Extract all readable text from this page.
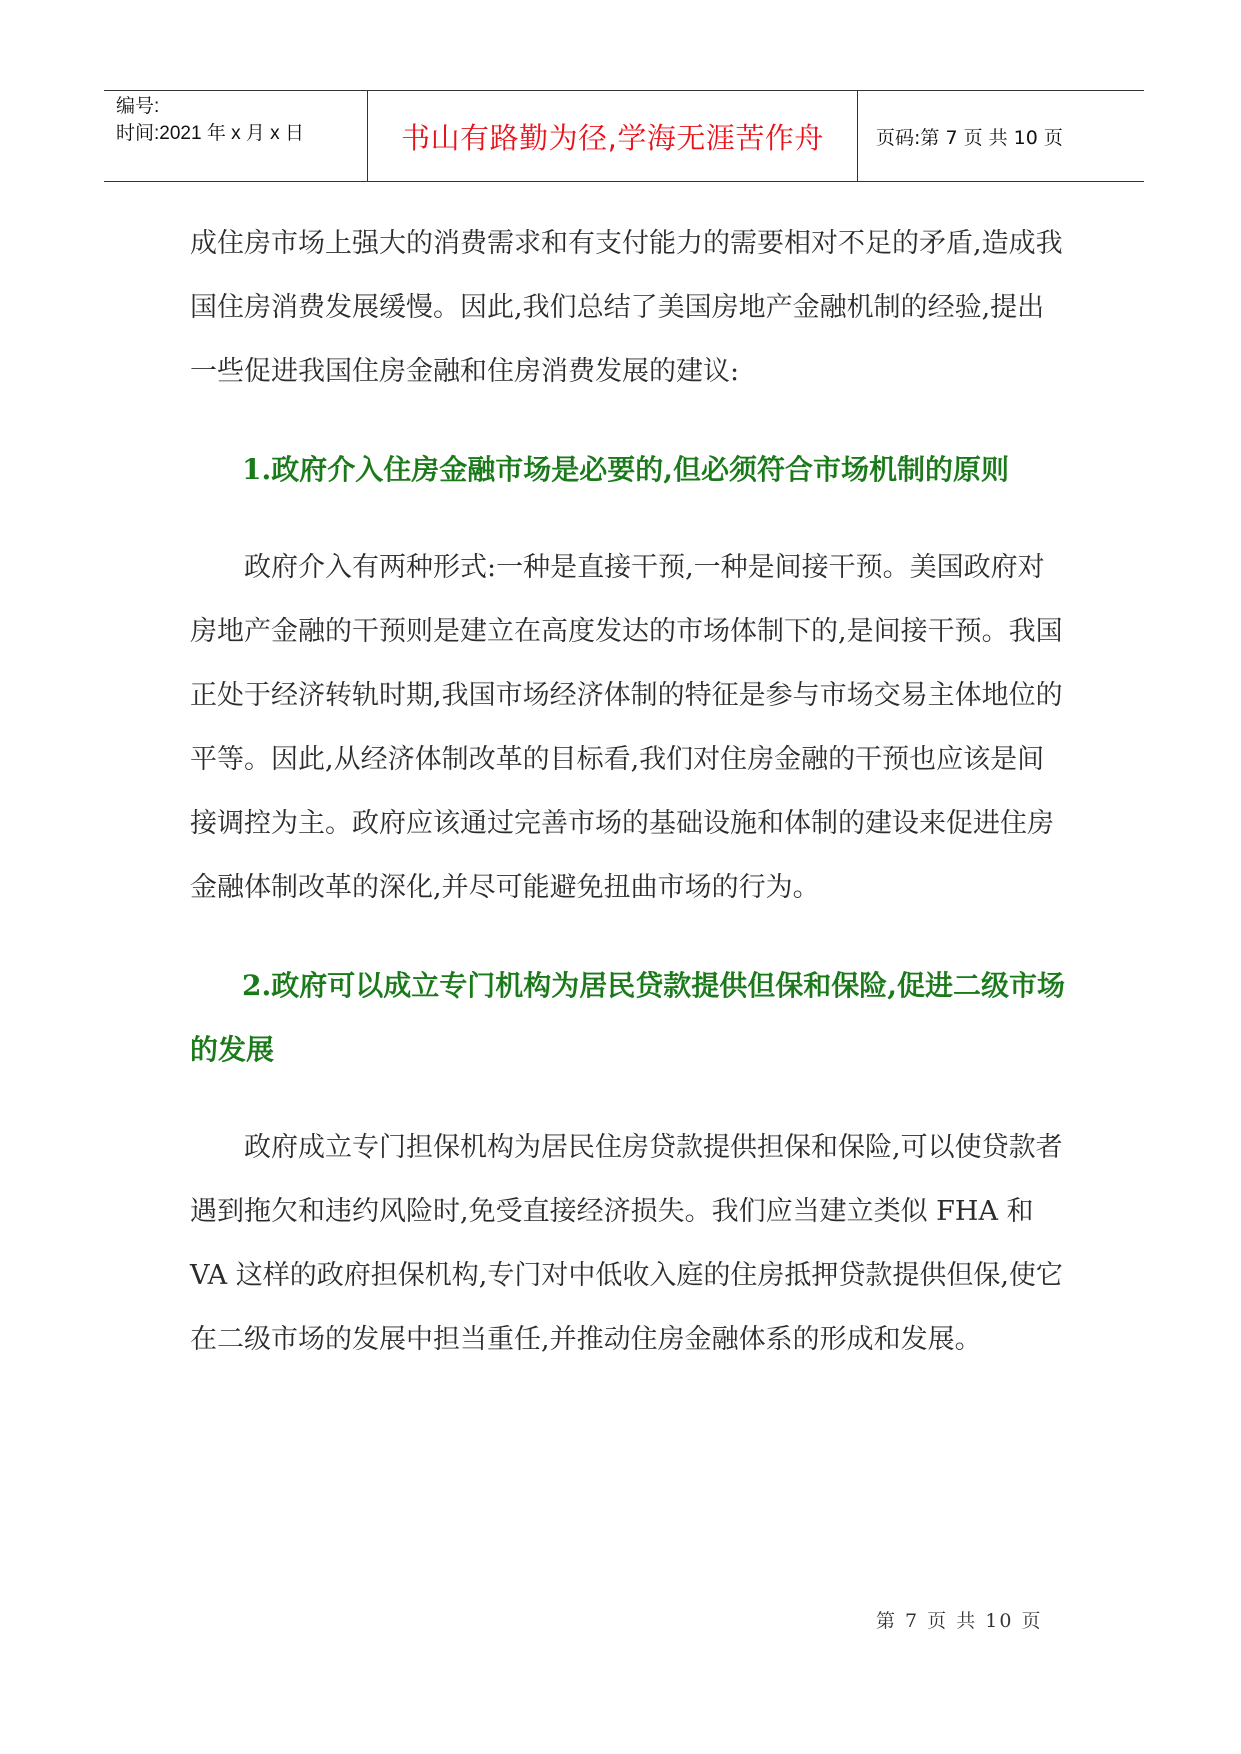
编号:
时间:2021 年 x 月 x 日	书山有路勤为径,学海无涯苦作舟	页码:第 7 页 共 10 页

成住房市场上强大的消费需求和有支付能力的需要相对不足的矛盾,造成我国住房消费发展缓慢。因此,我们总结了美国房地产金融机制的经验,提出一些促进我国住房金融和住房消费发展的建议:

1.政府介入住房金融市场是必要的,但必须符合市场机制的原则

政府介入有两种形式:一种是直接干预,一种是间接干预。美国政府对房地产金融的干预则是建立在高度发达的市场体制下的,是间接干预。我国正处于经济转轨时期,我国市场经济体制的特征是参与市场交易主体地位的平等。因此,从经济体制改革的目标看,我们对住房金融的干预也应该是间接调控为主。政府应该通过完善市场的基础设施和体制的建设来促进住房金融体制改革的深化,并尽可能避免扭曲市场的行为。

2.政府可以成立专门机构为居民贷款提供但保和保险,促进二级市场的发展

政府成立专门担保机构为居民住房贷款提供担保和保险,可以使贷款者遇到拖欠和违约风险时,免受直接经济损失。我们应当建立类似 FHA 和 VA 这样的政府担保机构,专门对中低收入庭的住房抵押贷款提供但保,使它在二级市场的发展中担当重任,并推动住房金融体系的形成和发展。

第 7 页 共 10 页
